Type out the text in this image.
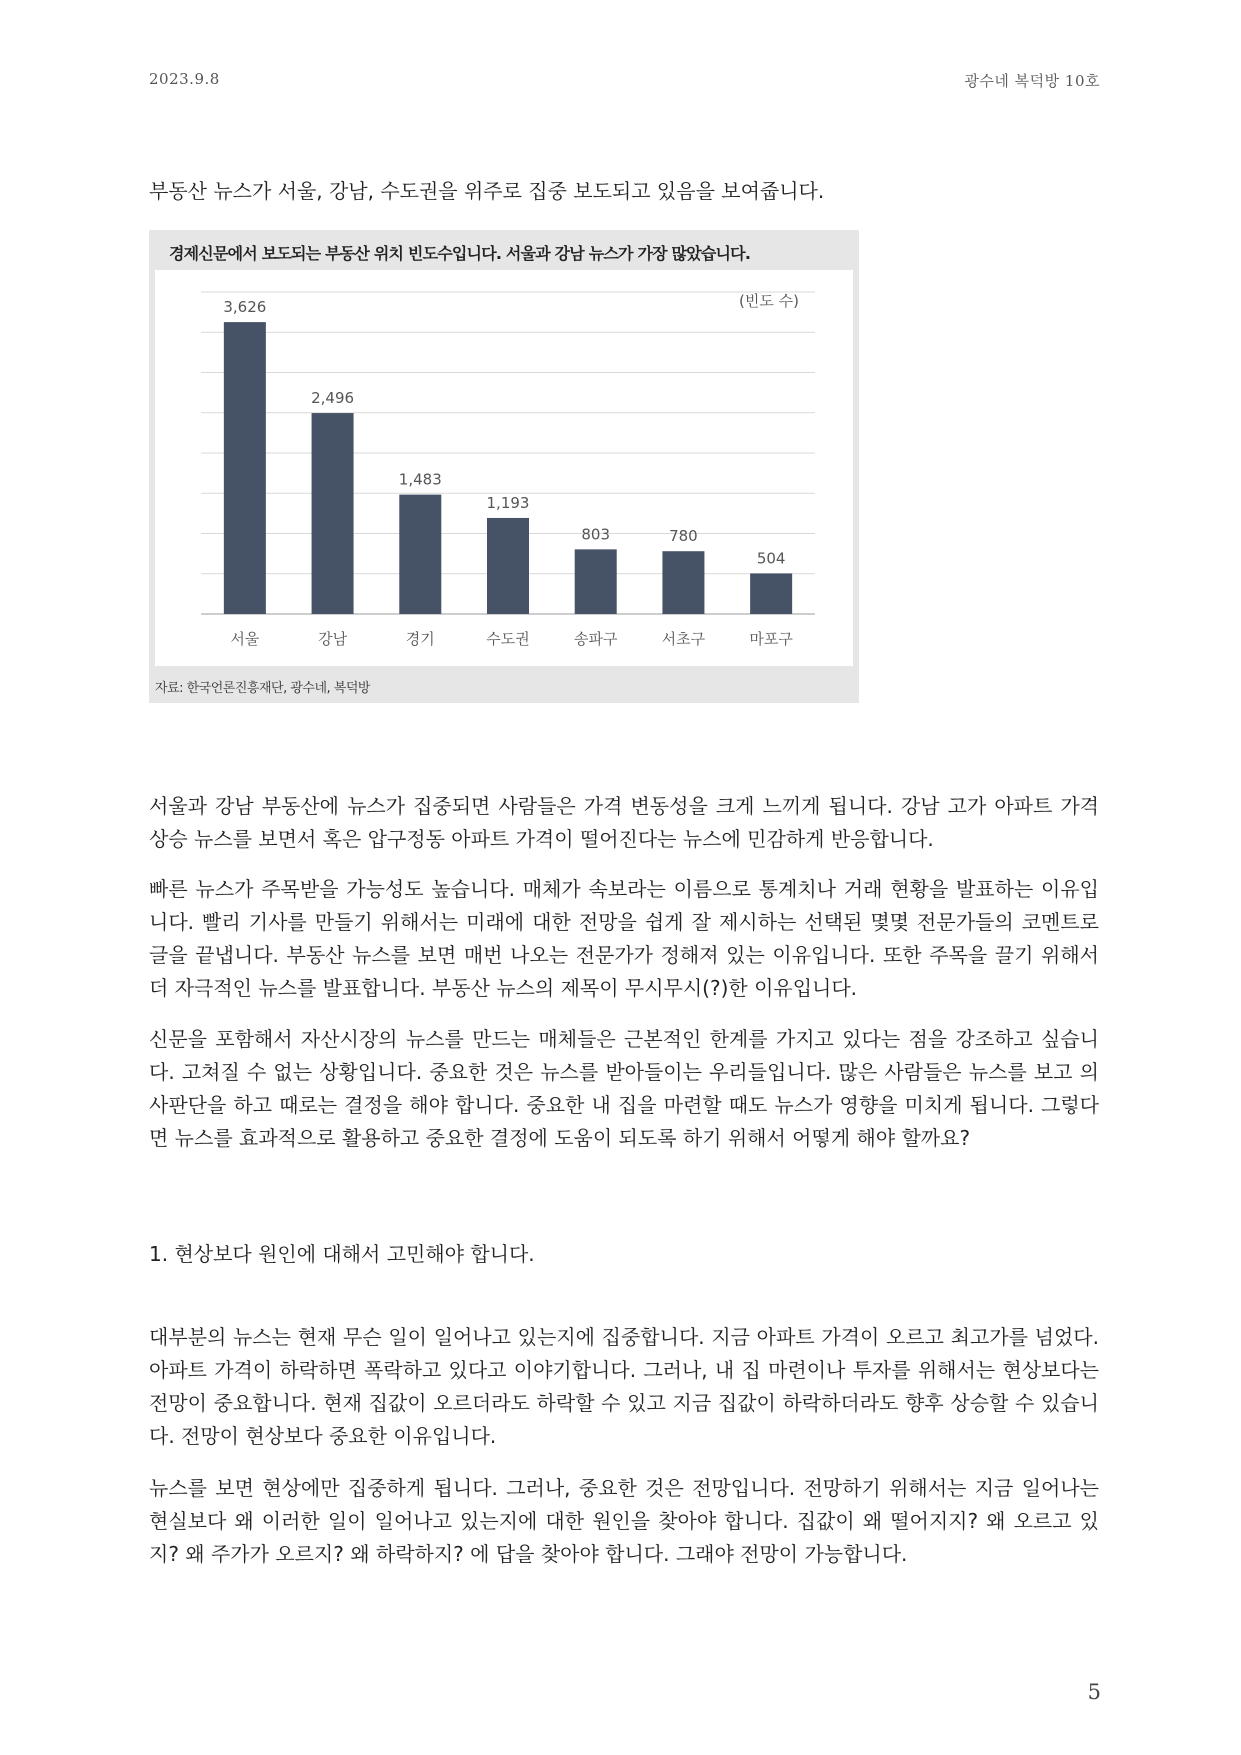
2023.9.8	광수네 복덕방 10호

부동산 뉴스가 서울, 강남, 수도권을 위주로 집중 보도되고 있음을 보여줍니다.

경제신문에서 보도되는 부동산 위치 빈도수입니다. 서울과 강남 뉴스가 가장 많았습니다.
3,626
2,496
1,483
1,193
803	780
504
서울	강남	경기	수도권	송파구	서초구	마포구
(빈도 수)
자료: 한국언론진흥재단, 광수네, 복덕방

서울과 강남 부동산에 뉴스가 집중되면 사람들은 가격 변동성을 크게 느끼게 됩니다. 강남 고가 아파트 가격 상승 뉴스를 보면서 혹은 압구정동 아파트 가격이 떨어진다는 뉴스에 민감하게 반응합니다.

빠른 뉴스가 주목받을 가능성도 높습니다. 매체가 속보라는 이름으로 통계치나 거래 현황을 발표하는 이유입니다. 빨리 기사를 만들기 위해서는 미래에 대한 전망을 쉽게 잘 제시하는 선택된 몇몇 전문가들의 코멘트로 글을 끝냅니다. 부동산 뉴스를 보면 매번 나오는 전문가가 정해져 있는 이유입니다. 또한 주목을 끌기 위해서 더 자극적인 뉴스를 발표합니다. 부동산 뉴스의 제목이 무시무시(?)한 이유입니다.

신문을 포함해서 자산시장의 뉴스를 만드는 매체들은 근본적인 한계를 가지고 있다는 점을 강조하고 싶습니다. 고쳐질 수 없는 상황입니다. 중요한 것은 뉴스를 받아들이는 우리들입니다. 많은 사람들은 뉴스를 보고 의사판단을 하고 때로는 결정을 해야 합니다. 중요한 내 집을 마련할 때도 뉴스가 영향을 미치게 됩니다. 그렇다면 뉴스를 효과적으로 활용하고 중요한 결정에 도움이 되도록 하기 위해서 어떻게 해야 할까요?

1. 현상보다 원인에 대해서 고민해야 합니다.

대부분의 뉴스는 현재 무슨 일이 일어나고 있는지에 집중합니다. 지금 아파트 가격이 오르고 최고가를 넘었다. 아파트 가격이 하락하면 폭락하고 있다고 이야기합니다. 그러나, 내 집 마련이나 투자를 위해서는 현상보다는 전망이 중요합니다. 현재 집값이 오르더라도 하락할 수 있고 지금 집값이 하락하더라도 향후 상승할 수 있습니다. 전망이 현상보다 중요한 이유입니다.

뉴스를 보면 현상에만 집중하게 됩니다. 그러나, 중요한 것은 전망입니다. 전망하기 위해서는 지금 일어나는 현실보다 왜 이러한 일이 일어나고 있는지에 대한 원인을 찾아야 합니다. 집값이 왜 떨어지지? 왜 오르고 있지? 왜 주가가 오르지? 왜 하락하지? 에 답을 찾아야 합니다. 그래야 전망이 가능합니다.

5
